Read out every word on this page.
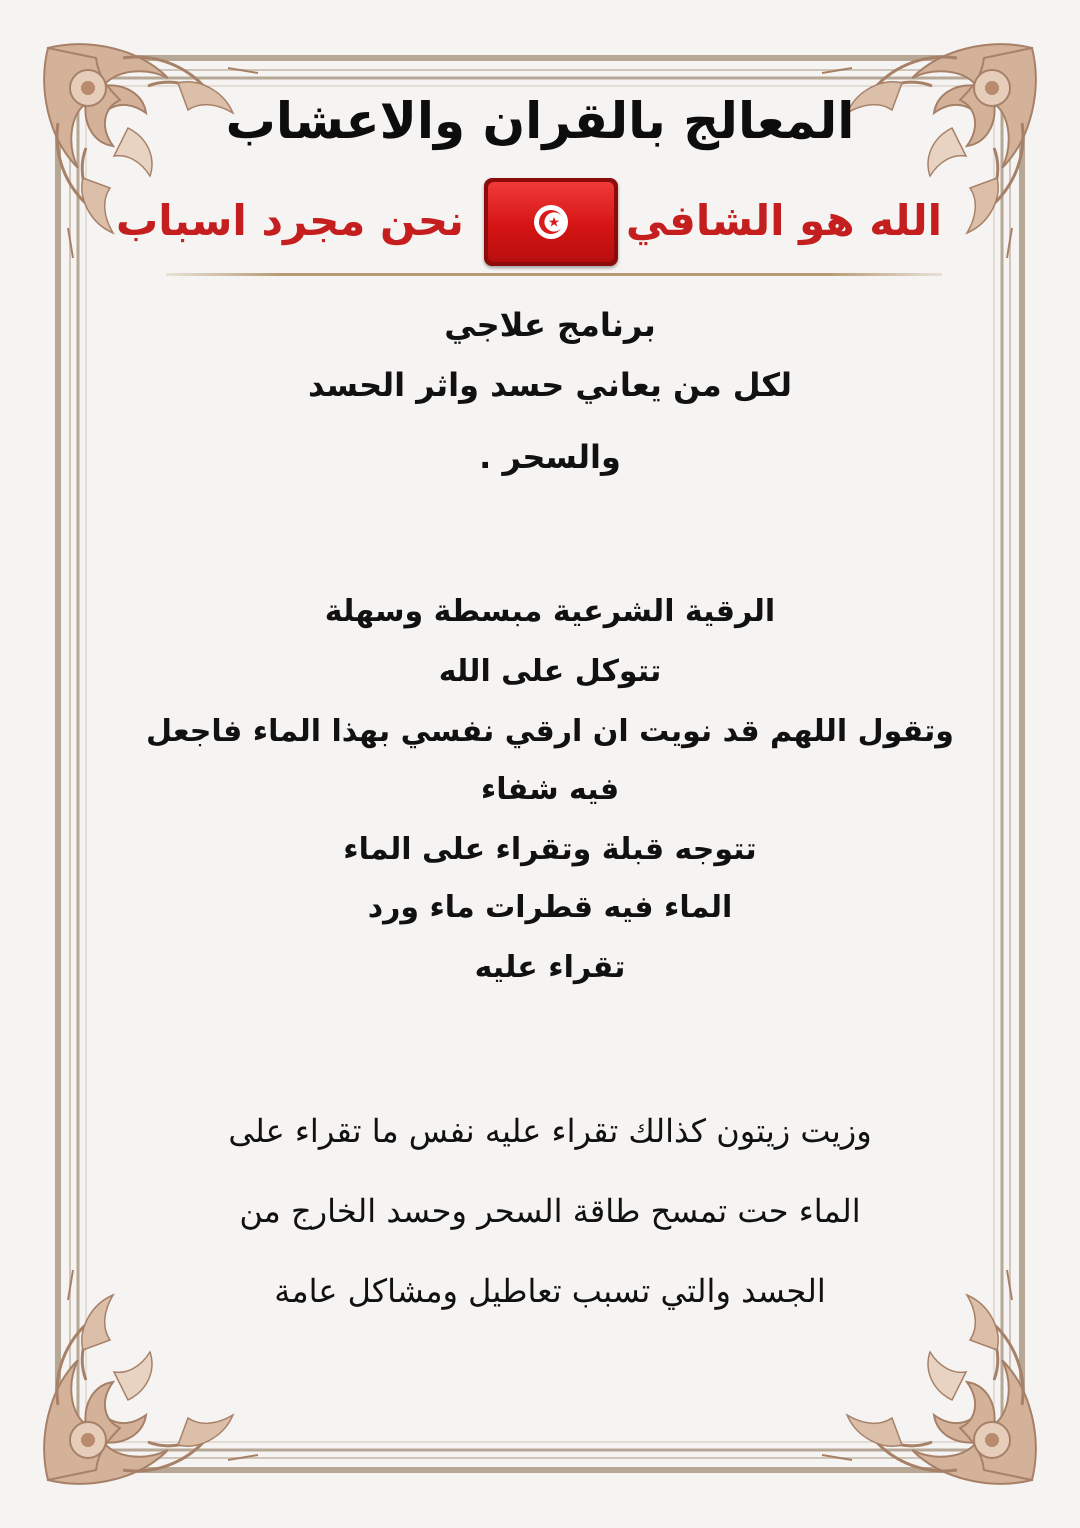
المعالج بالقران والاعشاب
الله هو الشافي
نحن مجرد اسباب
برنامج علاجي
لكل من يعاني حسد واثر الحسد
والسحر .
الرقية الشرعية مبسطة وسهلة
تتوكل على الله
وتقول اللهم قد نويت ان ارقي نفسي بهذا الماء فاجعل
فيه شفاء
تتوجه قبلة وتقراء على الماء
الماء فيه قطرات ماء ورد
تقراء عليه
وزيت زيتون كذالك تقراء عليه نفس ما تقراء على
الماء حت تمسح طاقة السحر وحسد الخارج من
الجسد والتي تسبب تعاطيل ومشاكل عامة
